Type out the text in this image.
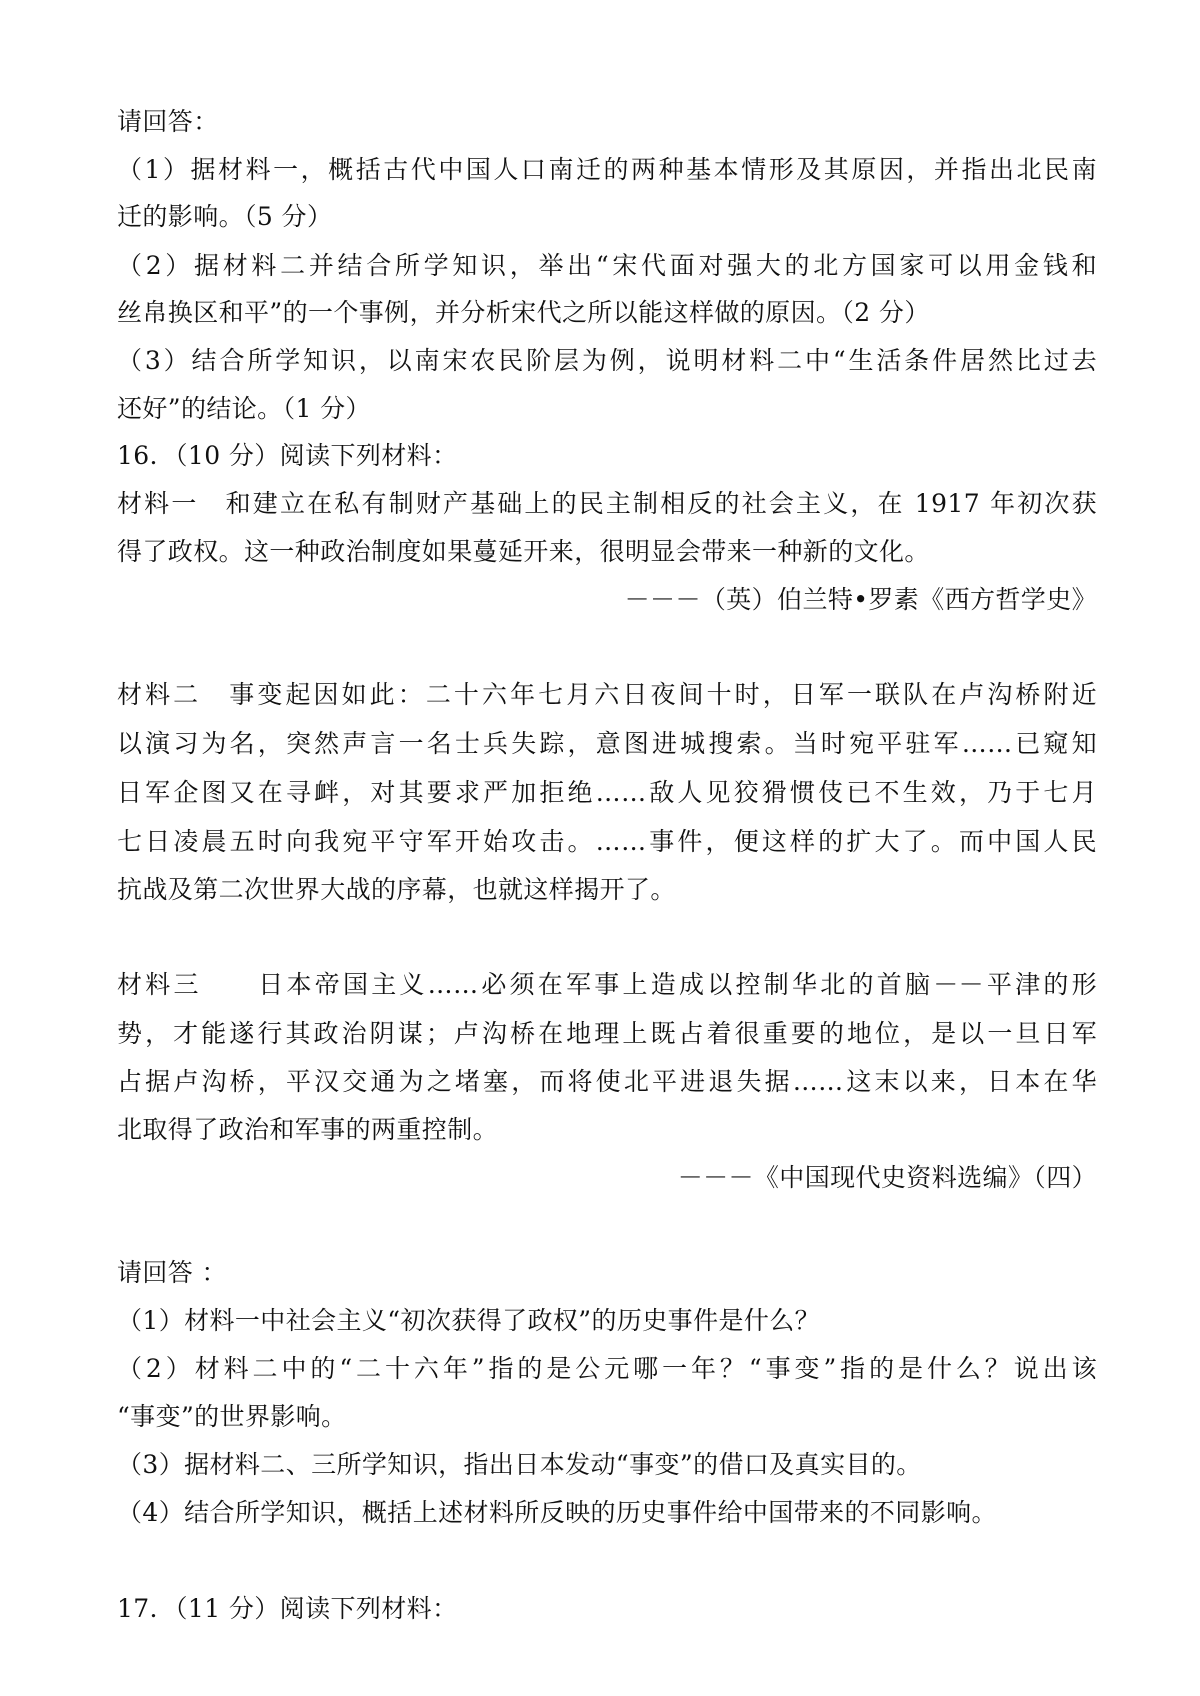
请回答：
（1）据材料一，概括古代中国人口南迁的两种基本情形及其原因，并指出北民南
迁的影响。（5 分）
（2）据材料二并结合所学知识，举出“宋代面对强大的北方国家可以用金钱和
丝帛换区和平”的一个事例，并分析宋代之所以能这样做的原因。（2 分）
（3）结合所学知识，以南宋农民阶层为例，说明材料二中“生活条件居然比过去
还好”的结论。（1 分）
16．（10 分）阅读下列材料：
材料一　和建立在私有制财产基础上的民主制相反的社会主义，在 1917 年初次获
得了政权。这一种政治制度如果蔓延开来，很明显会带来一种新的文化。
－－－（英）伯兰特•罗素《西方哲学史》
材料二　事变起因如此：二十六年七月六日夜间十时，日军一联队在卢沟桥附近
以演习为名，突然声言一名士兵失踪，意图进城搜索。当时宛平驻军……已窥知
日军企图又在寻衅，对其要求严加拒绝……敌人见狡猾惯伎已不生效，乃于七月
七日凌晨五时向我宛平守军开始攻击。……事件，便这样的扩大了。而中国人民
抗战及第二次世界大战的序幕，也就这样揭开了。
材料三　　日本帝国主义……必须在军事上造成以控制华北的首脑－－平津的形
势，才能遂行其政治阴谋；卢沟桥在地理上既占着很重要的地位，是以一旦日军
占据卢沟桥，平汉交通为之堵塞，而将使北平进退失据……这末以来，日本在华
北取得了政治和军事的两重控制。
－－－《中国现代史资料选编》（四）
请回答 ：
（1）材料一中社会主义“初次获得了政权”的历史事件是什么？
（2）材料二中的“二十六年”指的是公元哪一年？“事变”指的是什么？说出该
“事变”的世界影响。
（3）据材料二、三所学知识，指出日本发动“事变”的借口及真实目的。
（4）结合所学知识，概括上述材料所反映的历史事件给中国带来的不同影响。
17．（11 分）阅读下列材料：
